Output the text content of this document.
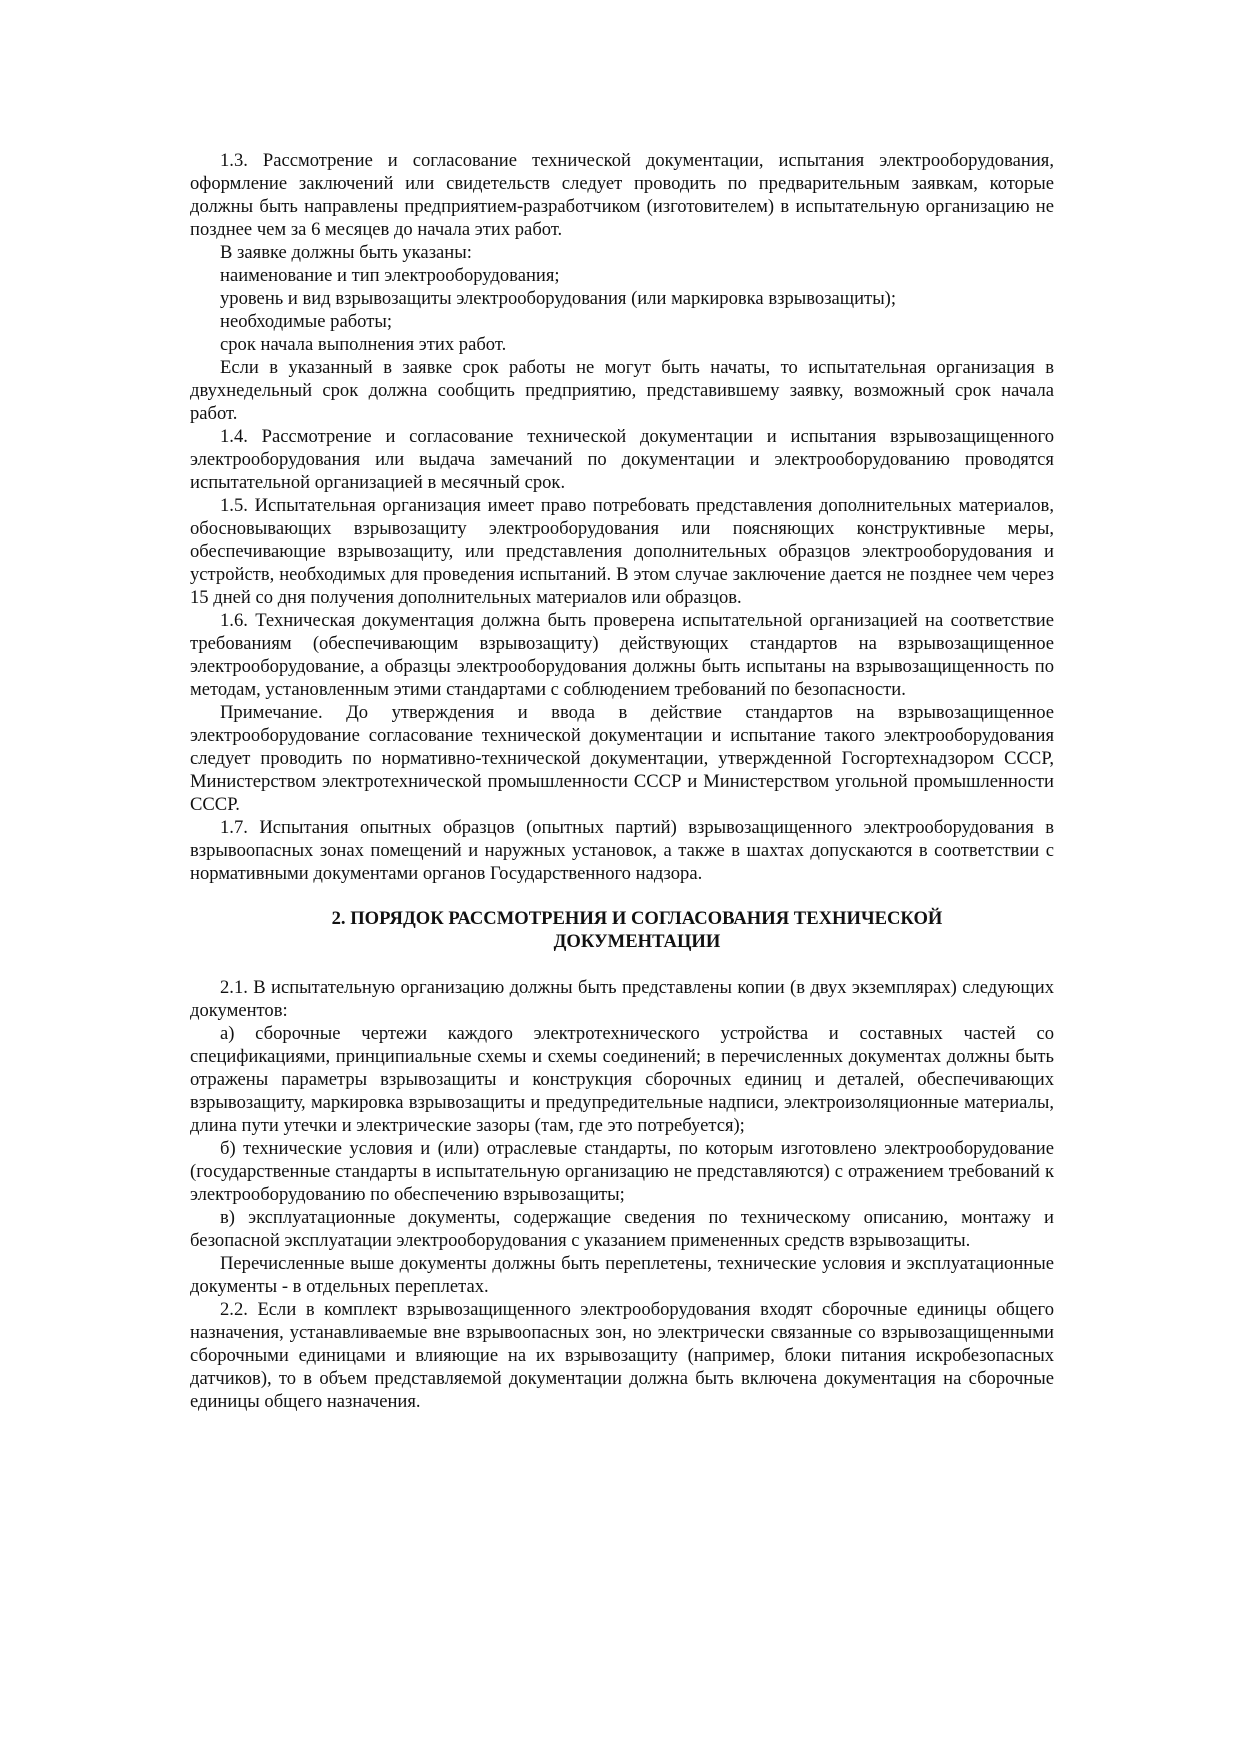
1.3. Рассмотрение и согласование технической документации, испытания электрооборудования, оформление заключений или свидетельств следует проводить по предварительным заявкам, которые должны быть направлены предприятием-разработчиком (изготовителем) в испытательную организацию не позднее чем за 6 месяцев до начала этих работ.

В заявке должны быть указаны:

наименование и тип электрооборудования;

уровень и вид взрывозащиты электрооборудования (или маркировка взрывозащиты);

необходимые работы;

срок начала выполнения этих работ.

Если в указанный в заявке срок работы не могут быть начаты, то испытательная организация в двухнедельный срок должна сообщить предприятию, представившему заявку, возможный срок начала работ.

1.4. Рассмотрение и согласование технической документации и испытания взрывозащищенного электрооборудования или выдача замечаний по документации и электрооборудованию проводятся испытательной организацией в месячный срок.

1.5. Испытательная организация имеет право потребовать представления дополнительных материалов, обосновывающих взрывозащиту электрооборудования или поясняющих конструктивные меры, обеспечивающие взрывозащиту, или представления дополнительных образцов электрооборудования и устройств, необходимых для проведения испытаний. В этом случае заключение дается не позднее чем через 15 дней со дня получения дополнительных материалов или образцов.

1.6. Техническая документация должна быть проверена испытательной организацией на соответствие требованиям (обеспечивающим взрывозащиту) действующих стандартов на взрывозащищенное электрооборудование, а образцы электрооборудования должны быть испытаны на взрывозащищенность по методам, установленным этими стандартами с соблюдением требований по безопасности.

Примечание. До утверждения и ввода в действие стандартов на взрывозащищенное электрооборудование согласование технической документации и испытание такого электрооборудования следует проводить по нормативно-технической документации, утвержденной Госгортехнадзором СССР, Министерством электротехнической промышленности СССР и Министерством угольной промышленности СССР.

1.7. Испытания опытных образцов (опытных партий) взрывозащищенного электрооборудования в взрывоопасных зонах помещений и наружных установок, а также в шахтах допускаются в соответствии с нормативными документами органов Государственного надзора.

2. ПОРЯДОК РАССМОТРЕНИЯ И СОГЛАСОВАНИЯ ТЕХНИЧЕСКОЙ
ДОКУМЕНТАЦИИ

2.1. В испытательную организацию должны быть представлены копии (в двух экземплярах) следующих документов:

а) сборочные чертежи каждого электротехнического устройства и составных частей со спецификациями, принципиальные схемы и схемы соединений; в перечисленных документах должны быть отражены параметры взрывозащиты и конструкция сборочных единиц и деталей, обеспечивающих взрывозащиту, маркировка взрывозащиты и предупредительные надписи, электроизоляционные материалы, длина пути утечки и электрические зазоры (там, где это потребуется);

б) технические условия и (или) отраслевые стандарты, по которым изготовлено электрооборудование (государственные стандарты в испытательную организацию не представляются) с отражением требований к электрооборудованию по обеспечению взрывозащиты;

в) эксплуатационные документы, содержащие сведения по техническому описанию, монтажу и безопасной эксплуатации электрооборудования с указанием примененных средств взрывозащиты.

Перечисленные выше документы должны быть переплетены, технические условия и эксплуатационные документы - в отдельных переплетах.

2.2. Если в комплект взрывозащищенного электрооборудования входят сборочные единицы общего назначения, устанавливаемые вне взрывоопасных зон, но электрически связанные со взрывозащищенными сборочными единицами и влияющие на их взрывозащиту (например, блоки питания искробезопасных датчиков), то в объем представляемой документации должна быть включена документация на сборочные единицы общего назначения.
